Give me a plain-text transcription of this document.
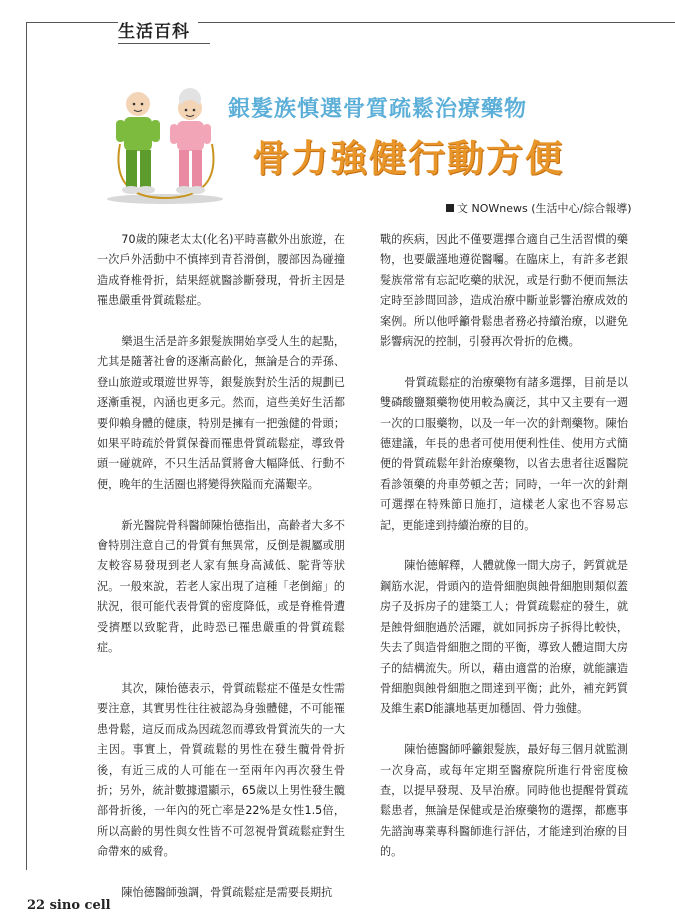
生活百科
銀髮族慎選骨質疏鬆治療藥物
骨力強健行動方便
文 NOWnews (生活中心/綜合報導)

70歲的陳老太太(化名)平時喜歡外出旅遊，在一次戶外活動中不慎摔到青苔滑倒，腰部因為碰撞造成脊椎骨折，結果經就醫診斷發現，骨折主因是罹患嚴重骨質疏鬆症。

樂退生活是許多銀髮族開始享受人生的起點，尤其是隨著社會的逐漸高齡化，無論是合的弄孫、登山旅遊或環遊世界等，銀髮族對於生活的規劃已逐漸重視，內涵也更多元。然而，這些美好生活都要仰賴身體的健康，特別是擁有一把強健的骨頭；如果平時疏於骨質保養而罹患骨質疏鬆症，導致骨頭一碰就碎，不只生活品質將會大幅降低、行動不便，晚年的生活圈也將變得狹隘而充滿艱辛。

新光醫院骨科醫師陳怡德指出，高齡者大多不會特別注意自己的骨質有無異常，反倒是親屬或朋友較容易發現到老人家有無身高減低、駝背等狀況。一般來說，若老人家出現了這種「老倒縮」的狀況，很可能代表骨質的密度降低，或是脊椎骨遭受擠壓以致駝背，此時恐已罹患嚴重的骨質疏鬆症。

其次，陳怡德表示，骨質疏鬆症不僅是女性需要注意，其實男性往往被認為身強體健，不可能罹患骨鬆，這反而成為因疏忽而導致骨質流失的一大主因。事實上，骨質疏鬆的男性在發生髖骨骨折後，有近三成的人可能在一至兩年內再次發生骨折；另外，統計數據還顯示，65歲以上男性發生髖部骨折後，一年內的死亡率是22%是女性1.5倍，所以高齡的男性與女性皆不可忽視骨質疏鬆症對生命帶來的威脅。

陳怡德醫師強調，骨質疏鬆症是需要長期抗

戰的疾病，因此不僅要選擇合適自己生活習慣的藥物，也要嚴謹地遵從醫囑。在臨床上，有許多老銀髮族常常有忘記吃藥的狀況，或是行動不便而無法定時至診間回診，造成治療中斷並影響治療成效的案例。所以他呼籲骨鬆患者務必持續治療，以避免影響病況的控制，引發再次骨折的危機。

骨質疏鬆症的治療藥物有諸多選擇，目前是以雙磷酸鹽類藥物使用較為廣泛，其中又主要有一週一次的口服藥物，以及一年一次的針劑藥物。陳怡德建議，年長的患者可使用便利性佳、使用方式簡便的骨質疏鬆年針治療藥物，以省去患者往返醫院看診領藥的舟車勞頓之苦；同時，一年一次的針劑可選擇在特殊節日施打，這樣老人家也不容易忘記，更能達到持續治療的目的。

陳怡德解釋，人體就像一間大房子，鈣質就是鋼筋水泥，骨頭內的造骨細胞與蝕骨細胞則類似蓋房子及拆房子的建築工人；骨質疏鬆症的發生，就是蝕骨細胞過於活躍，就如同拆房子拆得比較快，失去了與造骨細胞之間的平衡，導致人體這間大房子的結構流失。所以，藉由適當的治療，就能讓造骨細胞與蝕骨細胞之間達到平衡；此外，補充鈣質及維生素D能讓地基更加穩固、骨力強健。

陳怡德醫師呼籲銀髮族，最好每三個月就監測一次身高，或每年定期至醫療院所進行骨密度檢查，以提早發現、及早治療。同時他也提醒骨質疏鬆患者，無論是保健或是治療藥物的選擇，都應事先諮詢專業專科醫師進行評估，才能達到治療的目的。

22 sino cell
